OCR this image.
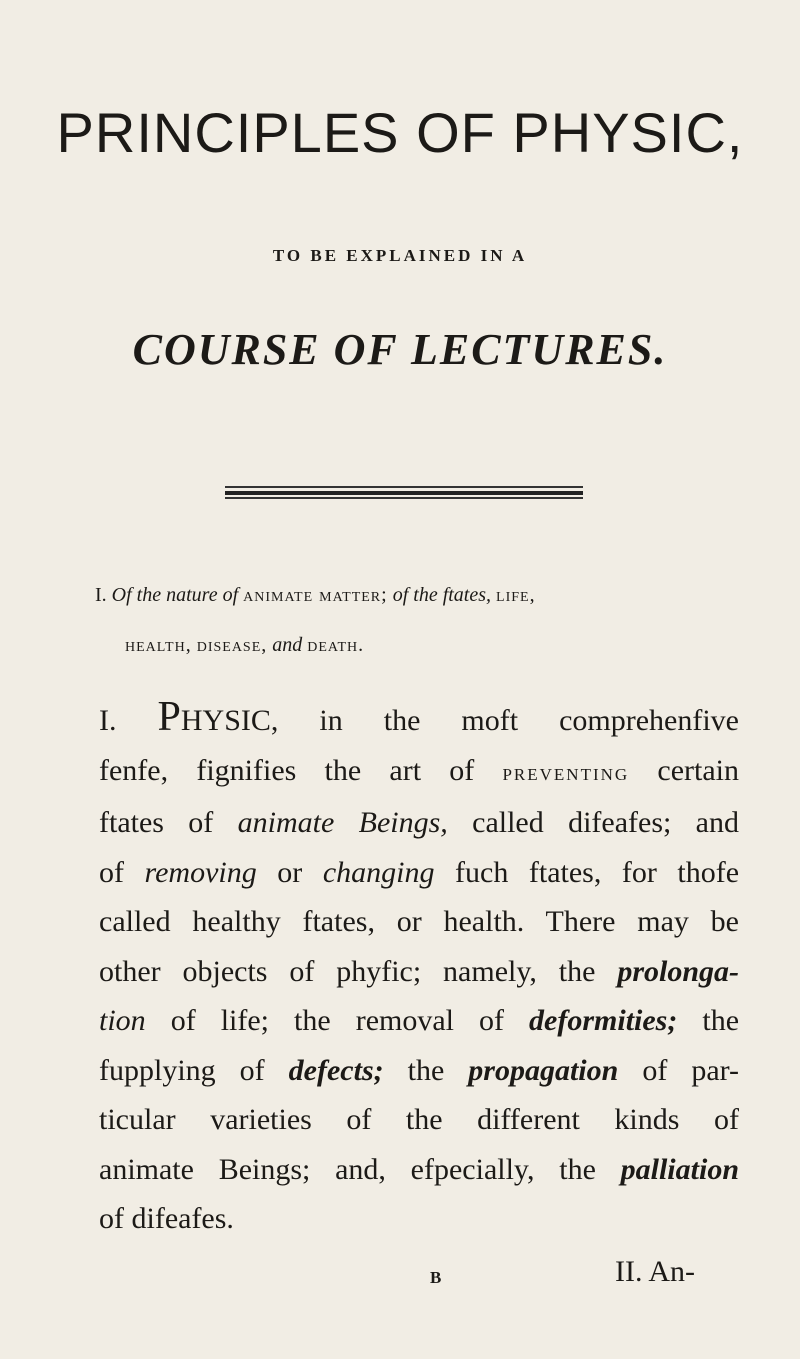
PRINCIPLES OF PHYSIC,
TO BE EXPLAINED IN A
COURSE OF LECTURES.
I. Of the nature of animate matter; of the ftates, life,
health, disease, and death.
I. PHYSIC, in the moft comprehenfive
fenfe, fignifies the art of preventing certain
ftates of animate Beings, called difeafes; and
of removing or changing fuch ftates, for thofe
called healthy ftates, or health. There may be
other objects of phyfic; namely, the prolonga-
tion of life; the removal of deformities; the
fupplying of defects; the propagation of par-
ticular varieties of the different kinds of
animate Beings; and, efpecially, the palliation
of difeafes.
B	II. An-
